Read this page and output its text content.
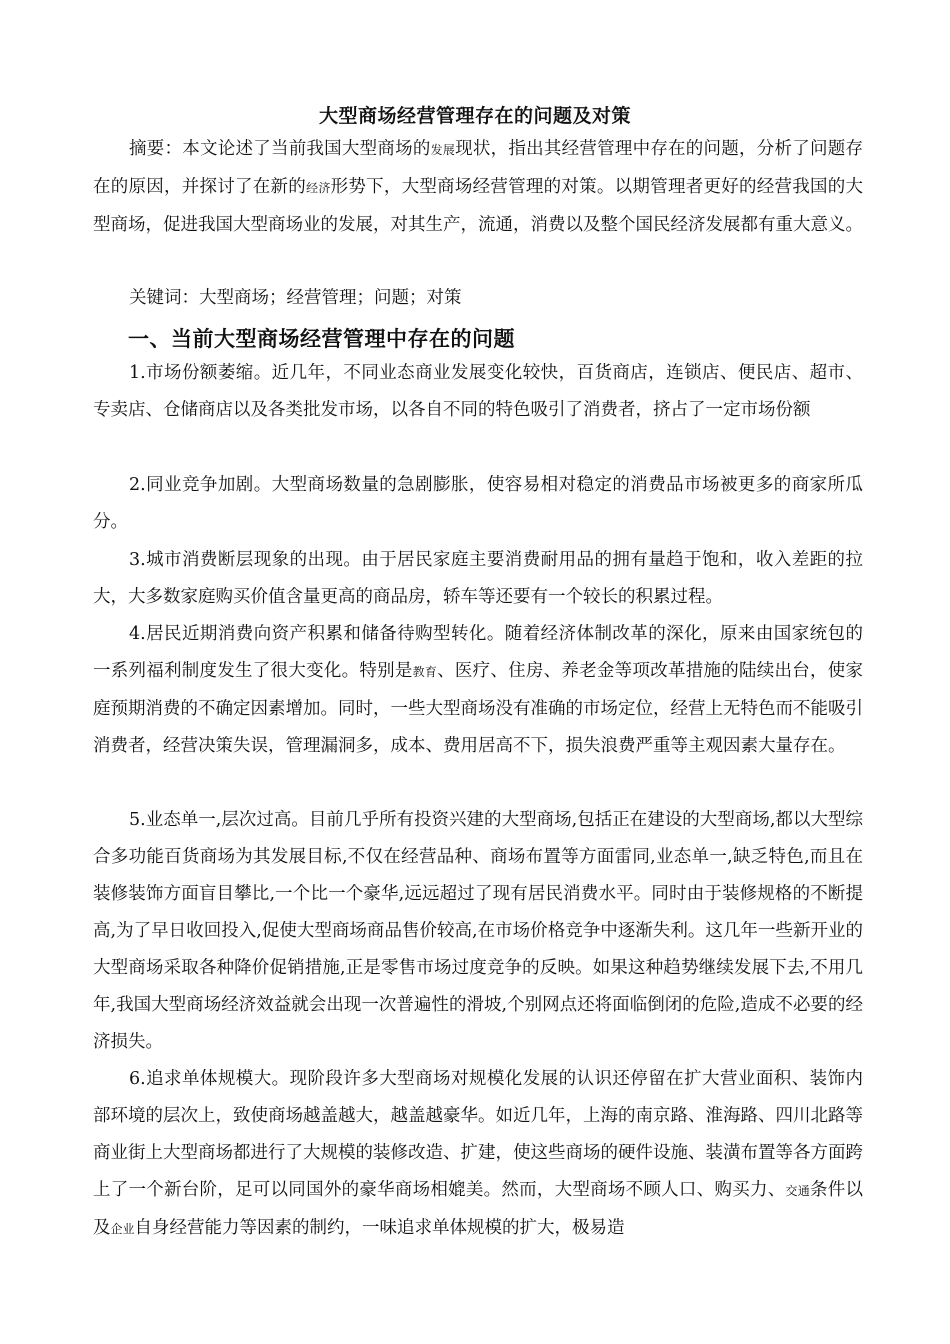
大型商场经营管理存在的问题及对策

摘要：本文论述了当前我国大型商场的发展现状，指出其经营管理中存在的问题，分析了问题存在的原因，并探讨了在新的经济形势下，大型商场经营管理的对策。以期管理者更好的经营我国的大型商场，促进我国大型商场业的发展，对其生产，流通，消费以及整个国民经济发展都有重大意义。

关键词：大型商场；经营管理；问题；对策

一、当前大型商场经营管理中存在的问题

1.市场份额萎缩。近几年，不同业态商业发展变化较快，百货商店，连锁店、便民店、超市、专卖店、仓储商店以及各类批发市场，以各自不同的特色吸引了消费者，挤占了一定市场份额

2.同业竞争加剧。大型商场数量的急剧膨胀，使容易相对稳定的消费品市场被更多的商家所瓜分。

3.城市消费断层现象的出现。由于居民家庭主要消费耐用品的拥有量趋于饱和，收入差距的拉大，大多数家庭购买价值含量更高的商品房，轿车等还要有一个较长的积累过程。

4.居民近期消费向资产积累和储备待购型转化。随着经济体制改革的深化，原来由国家统包的一系列福利制度发生了很大变化。特别是教育、医疗、住房、养老金等项改革措施的陆续出台，使家庭预期消费的不确定因素增加。同时，一些大型商场没有准确的市场定位，经营上无特色而不能吸引消费者，经营决策失误，管理漏洞多，成本、费用居高不下，损失浪费严重等主观因素大量存在。

5.业态单一,层次过高。目前几乎所有投资兴建的大型商场,包括正在建设的大型商场,都以大型综合多功能百货商场为其发展目标,不仅在经营品种、商场布置等方面雷同,业态单一,缺乏特色,而且在装修装饰方面盲目攀比,一个比一个豪华,远远超过了现有居民消费水平。同时由于装修规格的不断提高,为了早日收回投入,促使大型商场商品售价较高,在市场价格竞争中逐渐失利。这几年一些新开业的大型商场采取各种降价促销措施,正是零售市场过度竞争的反映。如果这种趋势继续发展下去,不用几年,我国大型商场经济效益就会出现一次普遍性的滑坡,个别网点还将面临倒闭的危险,造成不必要的经济损失。

6.追求单体规模大。现阶段许多大型商场对规模化发展的认识还停留在扩大营业面积、装饰内部环境的层次上，致使商场越盖越大，越盖越豪华。如近几年，上海的南京路、淮海路、四川北路等商业街上大型商场都进行了大规模的装修改造、扩建，使这些商场的硬件设施、装潢布置等各方面跨上了一个新台阶，足可以同国外的豪华商场相媲美。然而，大型商场不顾人口、购买力、交通条件以及企业自身经营能力等因素的制约，一味追求单体规模的扩大，极易造
